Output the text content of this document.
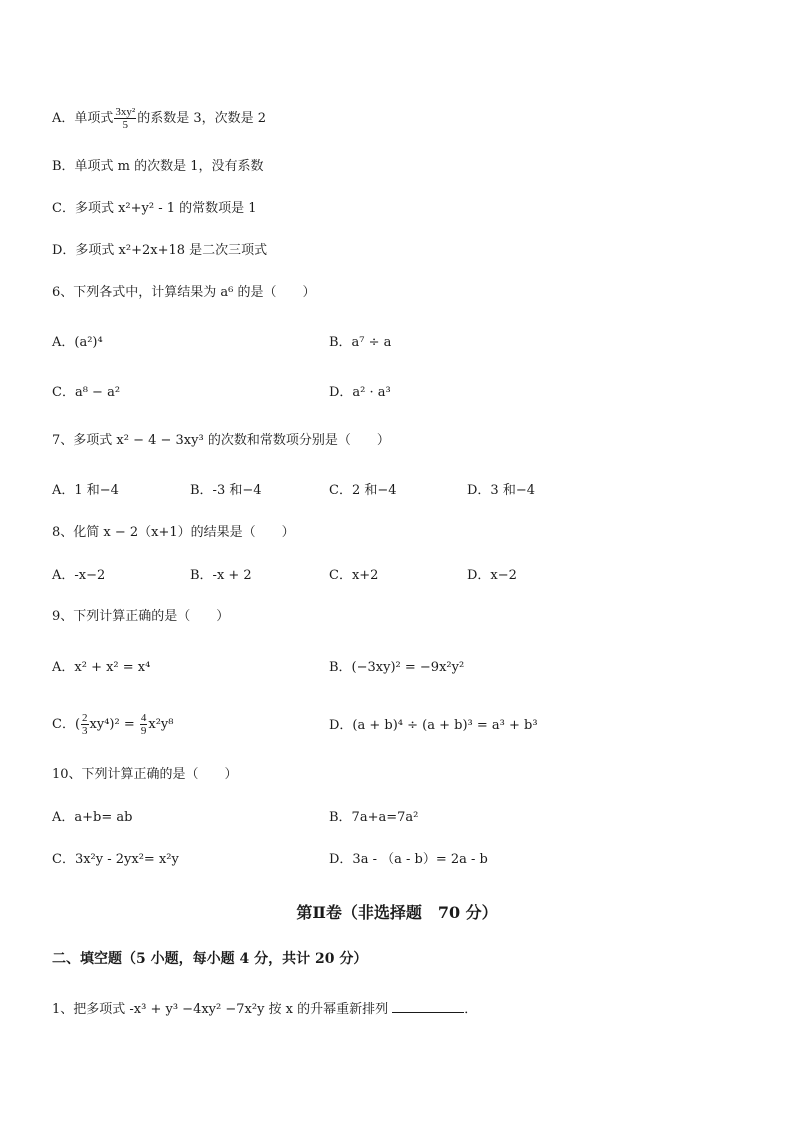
A．单项式 $\frac{\text{3xy²}}{5}$ 的系数是 3，次数是 2
B．单项式 m 的次数是 1，没有系数
C．多项式 x²+y² - 1 的常数项是 1
D．多项式 x²+2x+18 是二次三项式
6、下列各式中，计算结果为 a⁶ 的是（　　）
A．(a²)⁴	B．a⁷ ÷ a
C．a⁸ − a²	D．a² · a³
7、多项式 x² − 4 − 3xy³ 的次数和常数项分别是（　　）
A．1 和−4	B．-3 和−4	C．2 和−4	D．3 和−4
8、化简 x − 2（x+1）的结果是（　　）
A．-x−2	B．-x + 2	C．x+2	D．x−2
9、下列计算正确的是（　　）
A．x² + x² = x⁴	B．(−3xy)² = −9x²y²
C．( $\frac{2}{3} xy^4)^2 = \frac{4}{9} x^2y^8$	D．(a + b)⁴ ÷ (a + b)³ = a³ + b³
10、下列计算正确的是（　　）
A．a+b= ab	B．7a+a=7a²
C．3x²y - 2yx²= x²y	D．3a - （a - b）= 2a - b
第Ⅱ卷（非选择题　70 分）
二、填空题（5 小题，每小题 4 分，共计 20 分）
1、把多项式 -x³ + y³ −4xy² −7x²y 按 x 的升幂重新排列	．
